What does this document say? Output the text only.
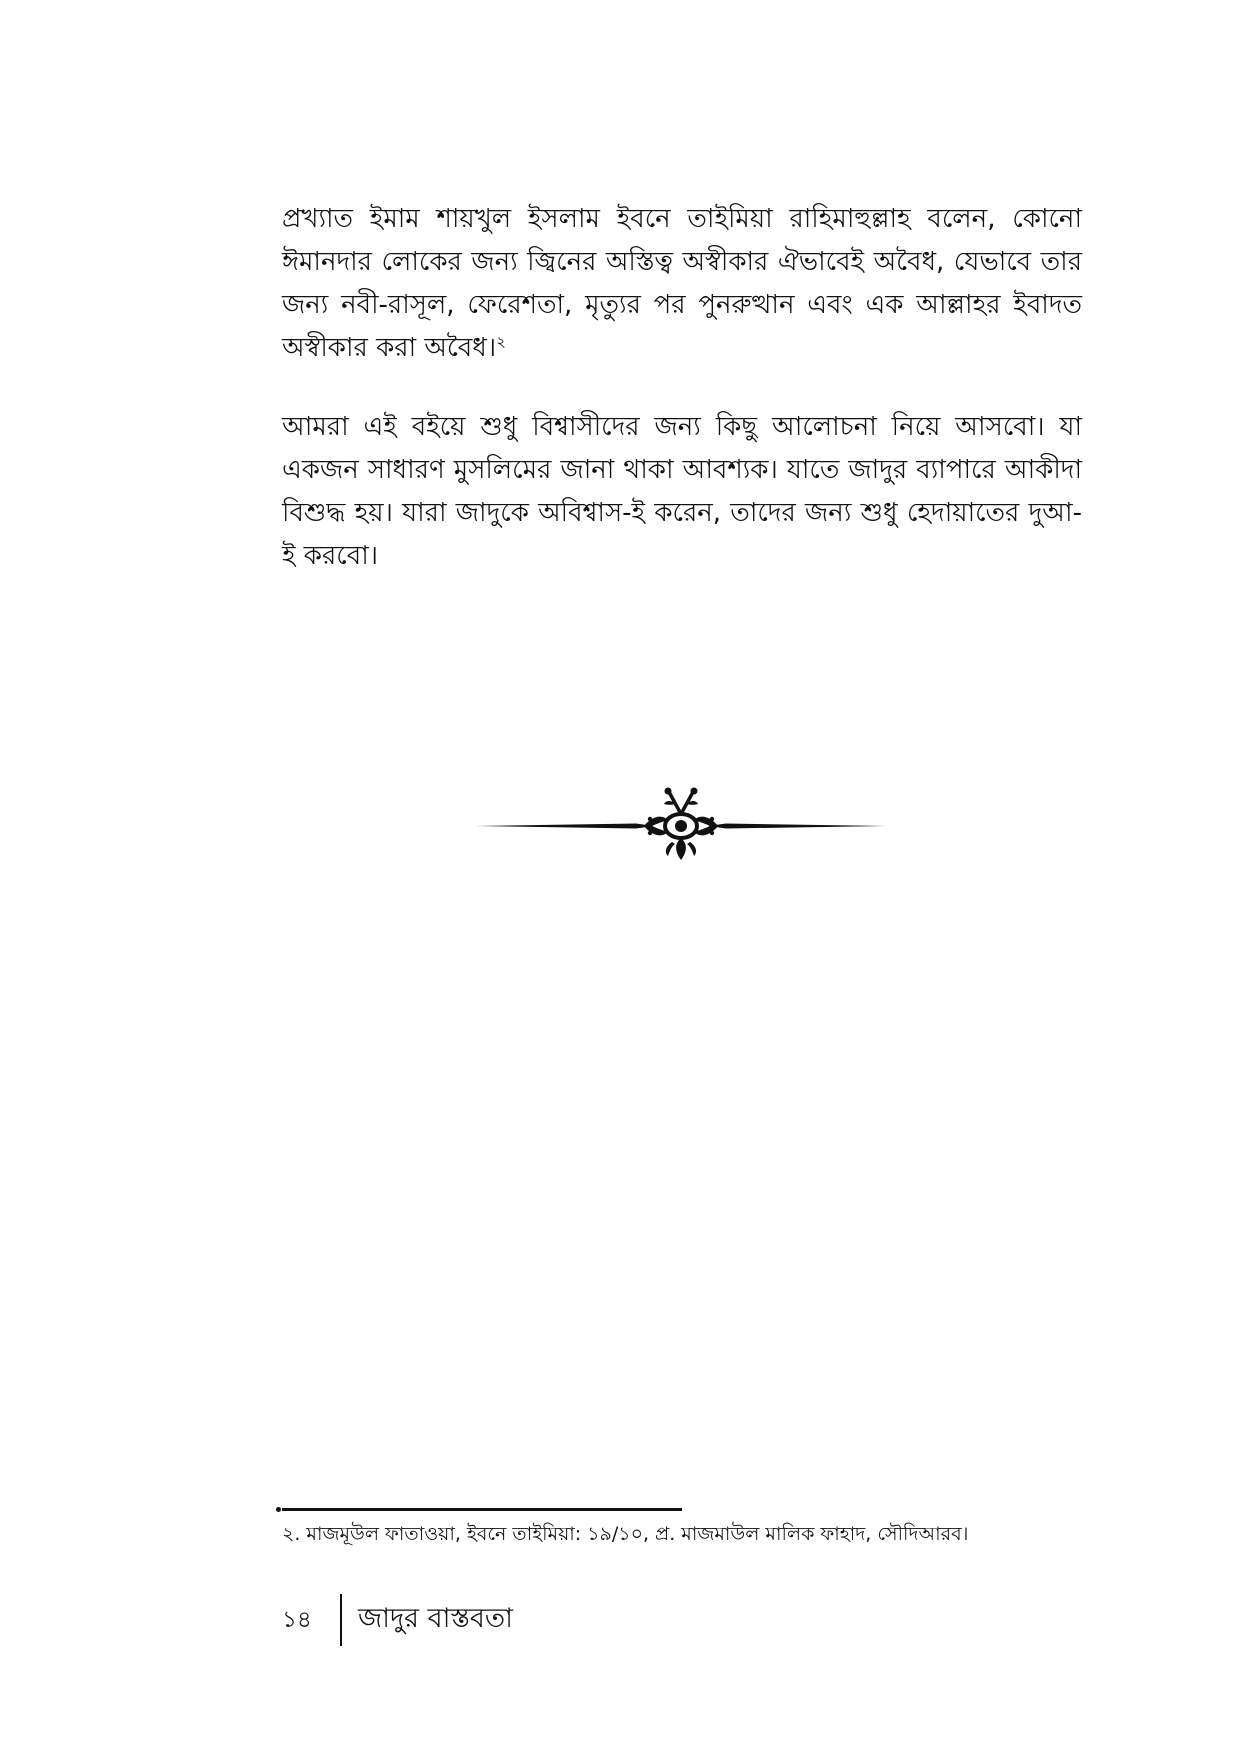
প্রখ্যাত ইমাম শায়খুল ইসলাম ইবনে তাইমিয়া রাহিমাহুল্লাহ বলেন, কোনো ঈমানদার লোকের জন্য জ্বিনের অস্তিত্ব অস্বীকার ঐভাবেই অবৈধ, যেভাবে তার জন্য নবী-রাসূল, ফেরেশতা, মৃত্যুর পর পুনরুত্থান এবং এক আল্লাহর ইবাদত অস্বীকার করা অবৈধ।$^২$

আমরা এই বইয়ে শুধু বিশ্বাসীদের জন্য কিছু আলোচনা নিয়ে আসবো। যা একজন সাধারণ মুসলিমের জানা থাকা আবশ্যক। যাতে জাদুর ব্যাপারে আকীদা বিশুদ্ধ হয়। যারা জাদুকে অবিশ্বাস-ই করেন, তাদের জন্য শুধু হেদায়াতের দুআ-ই করবো।

২. মাজমূউল ফাতাওয়া, ইবনে তাইমিয়া: ১৯/১০, প্র. মাজমাউল মালিক ফাহাদ, সৌদিআরব।
১৪	জাদুর বাস্তবতা
